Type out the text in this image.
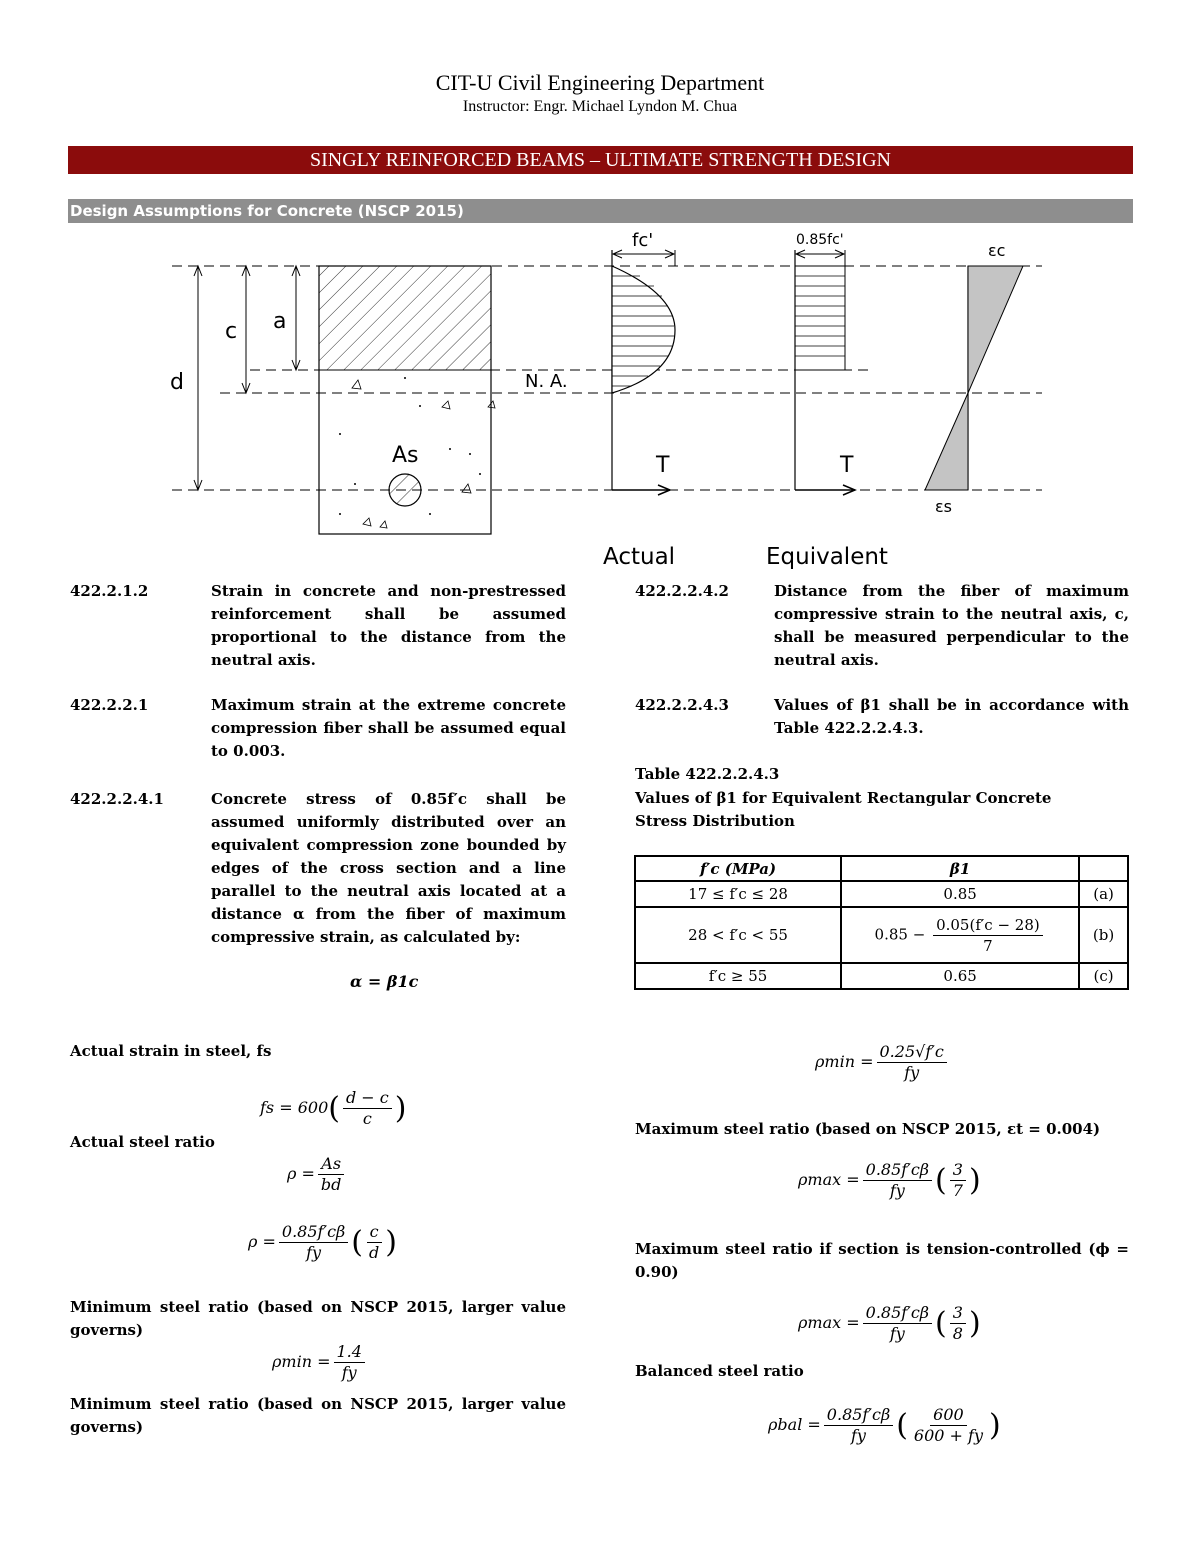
CIT-U Civil Engineering Department
Instructor: Engr. Michael Lyndon M. Chua
SINGLY REINFORCED BEAMS – ULTIMATE STRENGTH DESIGN
Design Assumptions for Concrete (NSCP 2015)
d
c a
N. A.
As
fc'
T
0.85fc'
T
εc
εs
Actual	Equivalent
422.2.1.2	Strain in concrete and non-prestressed reinforcement shall be assumed proportional to the distance from the neutral axis.
422.2.2.1	Maximum strain at the extreme concrete compression fiber shall be assumed equal to 0.003.
422.2.2.4.1	Concrete stress of 0.85f′c shall be assumed uniformly distributed over an equivalent compression zone bounded by edges of the cross section and a line parallel to the neutral axis located at a distance α from the fiber of maximum compressive strain, as calculated by:
α = β1c
422.2.2.4.2	Distance from the fiber of maximum compressive strain to the neutral axis, c, shall be measured perpendicular to the neutral axis.
422.2.2.4.3	Values of β1 shall be in accordance with Table 422.2.2.4.3.
Table 422.2.2.4.3
Values of β1 for Equivalent Rectangular Concrete
Stress Distribution
f′c (MPa)	β1	
17 ≤ f′c ≤ 28	0.85	(a)
28 < f′c < 55	$0.85 - \frac{0.05(f'c - 28)}{7}$	(b)
f′c ≥ 55	0.65	(c)
Actual strain in steel, fs
fs = $600( \frac{d - c}{c}$ )
Actual steel ratio
$\rho = \frac{As}{bd}$
$\rho = \frac{0.85f'c\beta}{fy}$ ( $\frac{c}{d}$ )
Minimum steel ratio (based on NSCP 2015, larger value governs)
$\rho\min = \frac{1.4}{fy}$
Minimum steel ratio (based on NSCP 2015, larger value governs)
$\rho\min = \frac{0.25√f'c}{fy}$
Maximum steel ratio (based on NSCP 2015, εt = 0.004)
$\rho\max = \frac{0.85f'c\beta}{fy}$ ( $\frac{3}{7}$ )
Maximum steel ratio if section is tension-controlled (ϕ = 0.90)
$\rho\max = \frac{0.85f'c\beta}{fy}$ ( $\frac{3}{8}$ )
Balanced steel ratio
$\rho bal = \frac{0.85f'c\beta}{fy}$ ( $\frac{600}{600 + fy}$ )
